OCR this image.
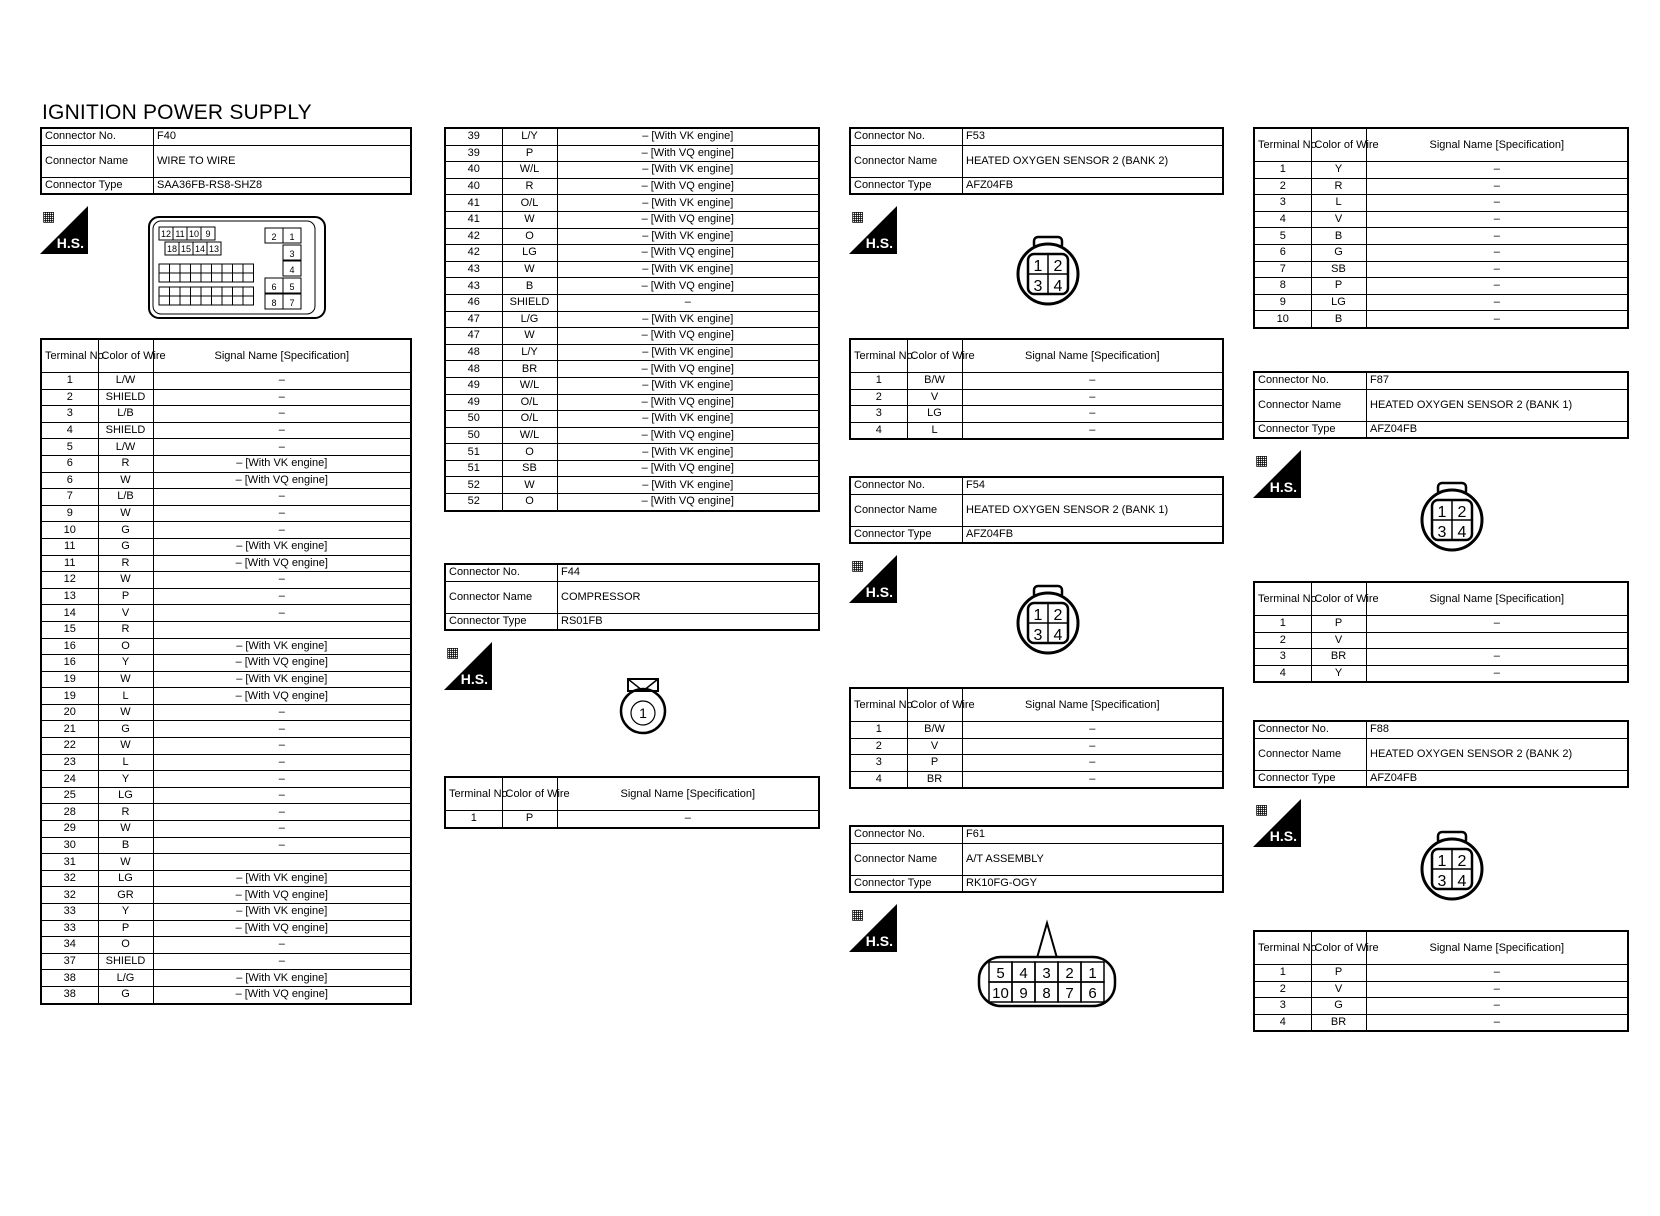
IGNITION POWER SUPPLY
Connector No.	F40
Connector Name	WIRE TO WIRE
Connector Type	SAA36FB-RS8-SHZ8
▦
H.S.
12 11 10 9
18 15 14 13
2 1
3
4
6 5
8 7
Terminal No.	Color of Wire	Signal Name [Specification]
1	L/W	–
2	SHIELD	–
3	L/B	–
4	SHIELD	–
5	L/W	–
6	R	– [With VK engine]
6	W	– [With VQ engine]
7	L/B	–
9	W	–
10	G	–
11	G	– [With VK engine]
11	R	– [With VQ engine]
12	W	–
13	P	–
14	V	–
15	R	
16	O	– [With VK engine]
16	Y	– [With VQ engine]
19	W	– [With VK engine]
19	L	– [With VQ engine]
20	W	–
21	G	–
22	W	–
23	L	–
24	Y	–
25	LG	–
28	R	–
29	W	–
30	B	–
31	W	
32	LG	– [With VK engine]
32	GR	– [With VQ engine]
33	Y	– [With VK engine]
33	P	– [With VQ engine]
34	O	–
37	SHIELD	–
38	L/G	– [With VK engine]
38	G	– [With VQ engine]
39	L/Y	– [With VK engine]
39	P	– [With VQ engine]
40	W/L	– [With VK engine]
40	R	– [With VQ engine]
41	O/L	– [With VK engine]
41	W	– [With VQ engine]
42	O	– [With VK engine]
42	LG	– [With VQ engine]
43	W	– [With VK engine]
43	B	– [With VQ engine]
46	SHIELD	–
47	L/G	– [With VK engine]
47	W	– [With VQ engine]
48	L/Y	– [With VK engine]
48	BR	– [With VQ engine]
49	W/L	– [With VK engine]
49	O/L	– [With VQ engine]
50	O/L	– [With VK engine]
50	W/L	– [With VQ engine]
51	O	– [With VK engine]
51	SB	– [With VQ engine]
52	W	– [With VK engine]
52	O	– [With VQ engine]
Connector No.	F44
Connector Name	COMPRESSOR
Connector Type	RS01FB
▦
H.S.
1
Terminal No.	Color of Wire	Signal Name [Specification]
1	P	–
Connector No.	F53
Connector Name	HEATED OXYGEN SENSOR 2 (BANK 2)
Connector Type	AFZ04FB
▦
H.S.
1 2
3 4
Terminal No.	Color of Wire	Signal Name [Specification]
1	B/W	–
2	V	–
3	LG	–
4	L	–
Connector No.	F54
Connector Name	HEATED OXYGEN SENSOR 2 (BANK 1)
Connector Type	AFZ04FB
▦
H.S.
1 2
3 4
Terminal No.	Color of Wire	Signal Name [Specification]
1	B/W	–
2	V	–
3	P	–
4	BR	–
Connector No.	F61
Connector Name	A/T ASSEMBLY
Connector Type	RK10FG-OGY
▦
H.S.
5 4 3 2 1
10 9 8 7 6
Terminal No.	Color of Wire	Signal Name [Specification]
1	Y	–
2	R	–
3	L	–
4	V	–
5	B	–
6	G	–
7	SB	–
8	P	–
9	LG	–
10	B	–
Connector No.	F87
Connector Name	HEATED OXYGEN SENSOR 2 (BANK 1)
Connector Type	AFZ04FB
▦
H.S.
1 2
3 4
Terminal No.	Color of Wire	Signal Name [Specification]
1	P	–
2	V	
3	BR	–
4	Y	–
Connector No.	F88
Connector Name	HEATED OXYGEN SENSOR 2 (BANK 2)
Connector Type	AFZ04FB
▦
H.S.
1 2
3 4
Terminal No.	Color of Wire	Signal Name [Specification]
1	P	–
2	V	–
3	G	–
4	BR	–
